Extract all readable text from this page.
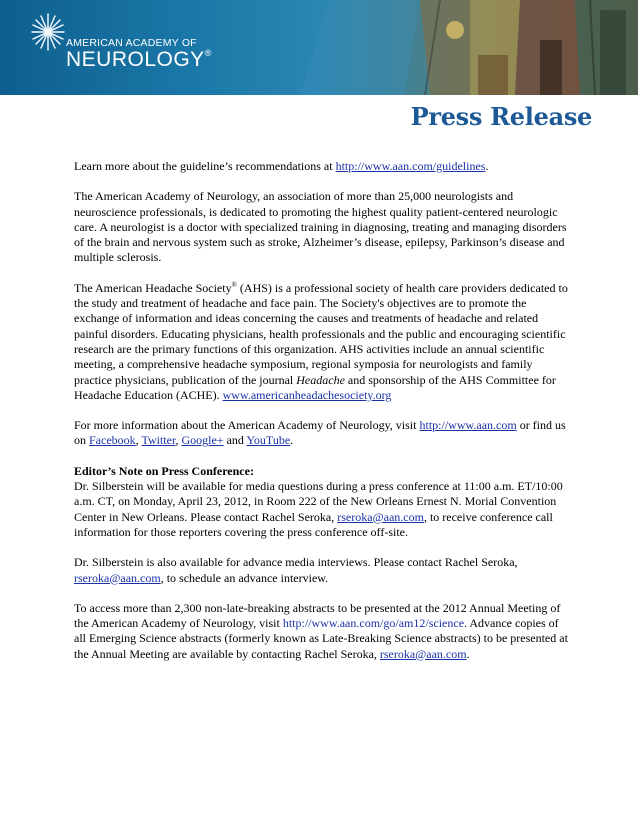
AMERICAN ACADEMY OF
NEUROLOGY®
Press Release

Learn more about the guideline’s recommendations at http://www.aan.com/guidelines.

The American Academy of Neurology, an association of more than 25,000 neurologists and neuroscience professionals, is dedicated to promoting the highest quality patient-centered neurologic care. A neurologist is a doctor with specialized training in diagnosing, treating and managing disorders of the brain and nervous system such as stroke, Alzheimer’s disease, epilepsy, Parkinson’s disease and multiple sclerosis.

The American Headache Society® (AHS) is a professional society of health care providers dedicated to the study and treatment of headache and face pain. The Society's objectives are to promote the exchange of information and ideas concerning the causes and treatments of headache and related painful disorders. Educating physicians, health professionals and the public and encouraging scientific research are the primary functions of this organization. AHS activities include an annual scientific meeting, a comprehensive headache symposium, regional symposia for neurologists and family practice physicians, publication of the journal Headache and sponsorship of the AHS Committee for Headache Education (ACHE). www.americanheadachesociety.org

For more information about the American Academy of Neurology, visit http://www.aan.com or find us on Facebook, Twitter, Google+ and YouTube.

Editor’s Note on Press Conference:
Dr. Silberstein will be available for media questions during a press conference at 11:00 a.m. ET/10:00 a.m. CT, on Monday, April 23, 2012, in Room 222 of the New Orleans Ernest N. Morial Convention Center in New Orleans. Please contact Rachel Seroka, rseroka@aan.com, to receive conference call information for those reporters covering the press conference off-site.

Dr. Silberstein is also available for advance media interviews. Please contact Rachel Seroka, rseroka@aan.com, to schedule an advance interview.

To access more than 2,300 non-late-breaking abstracts to be presented at the 2012 Annual Meeting of the American Academy of Neurology, visit http://www.aan.com/go/am12/science. Advance copies of all Emerging Science abstracts (formerly known as Late-Breaking Science abstracts) to be presented at the Annual Meeting are available by contacting Rachel Seroka, rseroka@aan.com.
